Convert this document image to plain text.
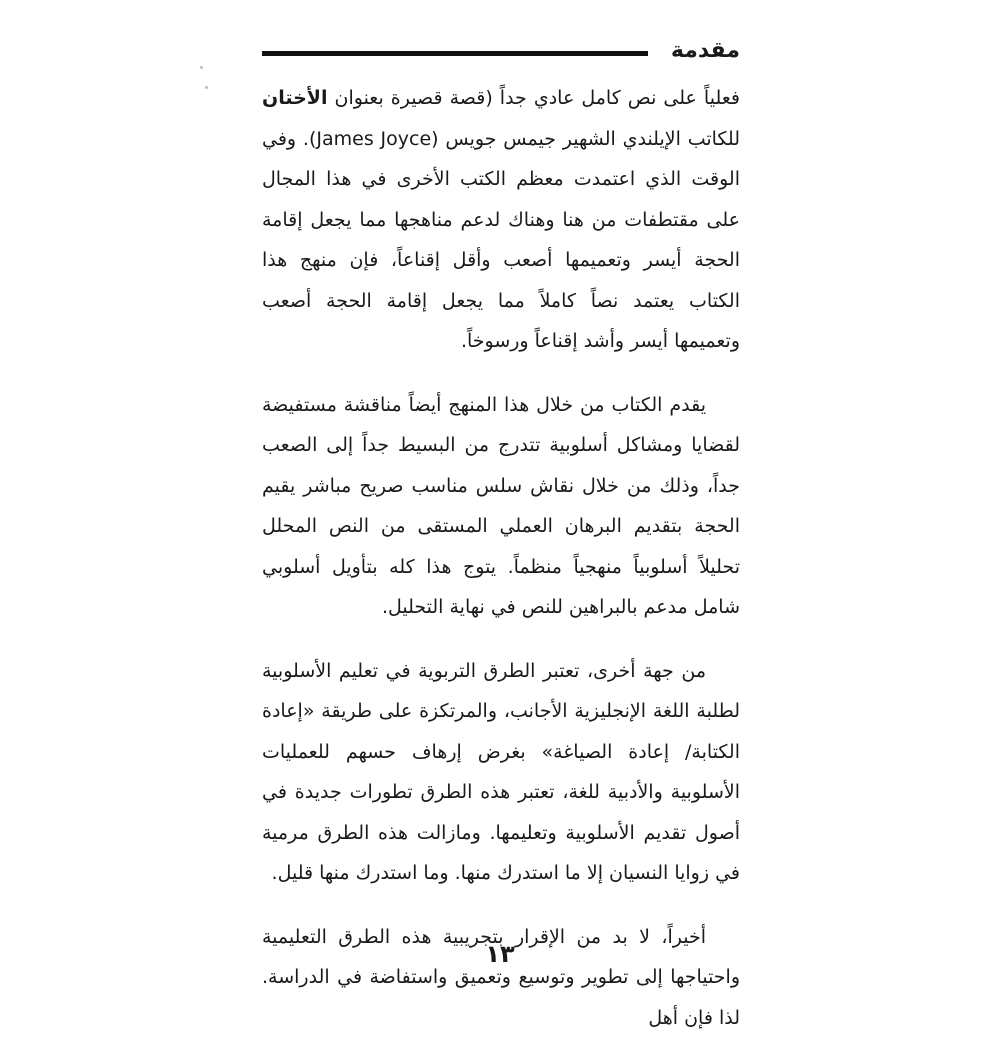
مقدمة

فعلياً على نص كامل عادي جداً (قصة قصيرة بعنوان الأختان للكاتب الإيلندي الشهير جيمس جويس (James Joyce). وفي الوقت الذي اعتمدت معظم الكتب الأخرى في هذا المجال على مقتطفات من هنا وهناك لدعم مناهجها مما يجعل إقامة الحجة أيسر وتعميمها أصعب وأقل إقناعاً، فإن منهج هذا الكتاب يعتمد نصاً كاملاً مما يجعل إقامة الحجة أصعب وتعميمها أيسر وأشد إقناعاً ورسوخاً.

يقدم الكتاب من خلال هذا المنهج أيضاً مناقشة مستفيضة لقضايا ومشاكل أسلوبية تتدرج من البسيط جداً إلى الصعب جداً، وذلك من خلال نقاش سلس مناسب صريح مباشر يقيم الحجة بتقديم البرهان العملي المستقى من النص المحلل تحليلاً أسلوبياً منهجياً منظماً. يتوج هذا كله بتأويل أسلوبي شامل مدعم بالبراهين للنص في نهاية التحليل.

من جهة أخرى، تعتبر الطرق التربوية في تعليم الأسلوبية لطلبة اللغة الإنجليزية الأجانب، والمرتكزة على طريقة «إعادة الكتابة/ إعادة الصياغة» بغرض إرهاف حسهم للعمليات الأسلوبية والأدبية للغة، تعتبر هذه الطرق تطورات جديدة في أصول تقديم الأسلوبية وتعليمها. ومازالت هذه الطرق مرمية في زوايا النسيان إلا ما استدرك منها. وما استدرك منها قليل.

أخيراً، لا بد من الإقرار بتجريبية هذه الطرق التعليمية واحتياجها إلى تطوير وتوسيع وتعميق واستفاضة في الدراسة. لذا فإن أهل

١٣
